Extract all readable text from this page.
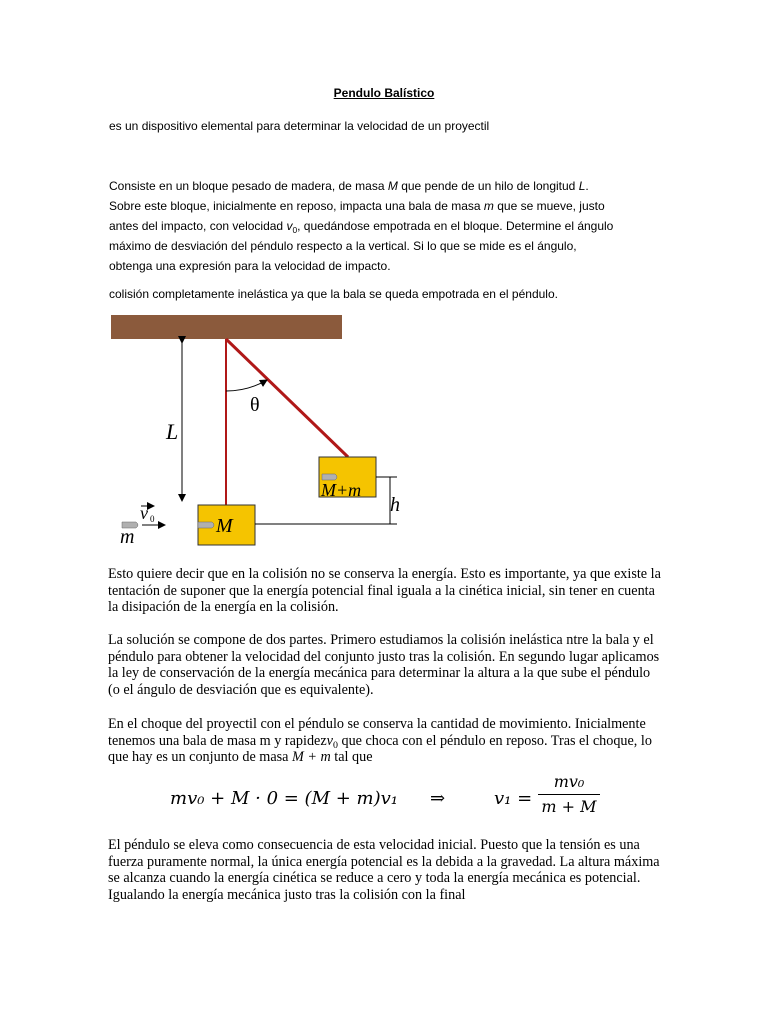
Pendulo Balístico
es un dispositivo elemental para determinar la velocidad de un proyectil
Consiste en un bloque pesado de madera, de masa M que pende de un hilo de longitud L.
Sobre este bloque, inicialmente en reposo, impacta una bala de masa m que se mueve, justo
antes del impacto, con velocidad $v_0$, quedándose empotrada en el bloque. Determine el ángulo
máximo de desviación del péndulo respecto a la vertical. Si lo que se mide es el ángulo,
obtenga una expresión para la velocidad de impacto.
colisión completamente inelástica ya que la bala se queda empotrada en el péndulo.
θ
L
M
M+m
h
v 0
m
Esto quiere decir que en la colisión no se conserva la energía. Esto es importante, ya que existe la tentación de suponer que la energía potencial final iguala a la cinética inicial, sin tener en cuenta la disipación de la energía en la colisión.
La solución se compone de dos partes. Primero estudiamos la colisión inelástica ntre la bala y el péndulo para obtener la velocidad del conjunto justo tras la colisión. En segundo lugar aplicamos la ley de conservación de la energía mecánica para determinar la altura a la que sube el péndulo (o el ángulo de desviación que es equivalente).
En el choque del proyectil con el péndulo se conserva la cantidad de movimiento. Inicialmente tenemos una bala de masa m y rapidezv$_0$ que choca con el péndulo en reposo. Tras el choque, lo que hay es un conjunto de masa M + m tal que
mv₀ + M · 0 = (M + m)v₁ ⇒	v₁ =
mv₀
m + M
El péndulo se eleva como consecuencia de esta velocidad inicial. Puesto que la tensión es una fuerza puramente normal, la única energía potencial es la debida a la gravedad. La altura máxima se alcanza cuando la energía cinética se reduce a cero y toda la energía mecánica es potencial. Igualando la energía mecánica justo tras la colisión con la final
